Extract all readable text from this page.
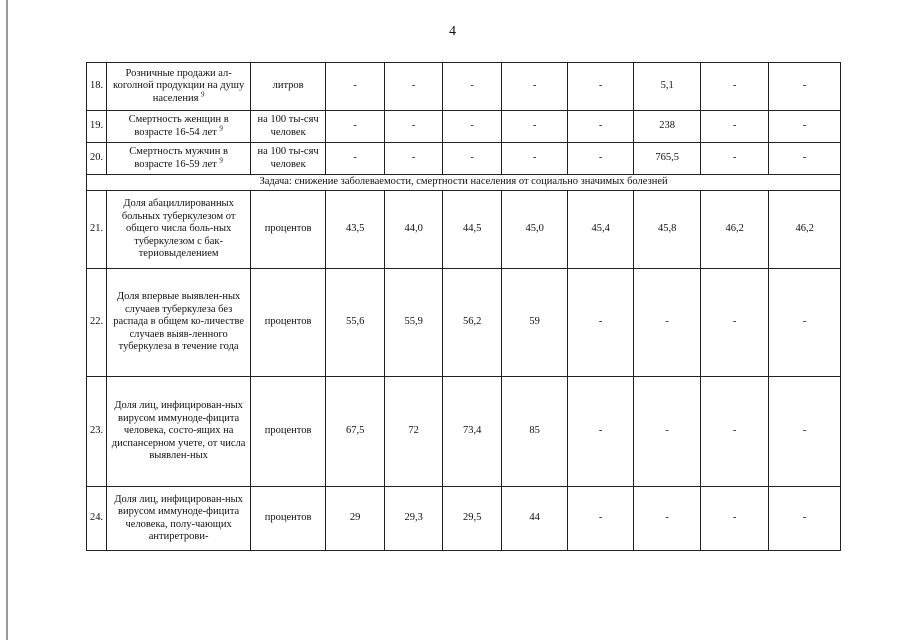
4
18.	Розничные продажи ал-коголной продукции на душу населения $^9$	литров	-	-	-	-	-	5,1	-	-
19.	Смертность женщин в возрасте 16-54 лет $^9$	на 100 ты-сяч человек	-	-	-	-	-	238	-	-
20.	Смертность мужчин в возрасте 16-59 лет $^9$	на 100 ты-сяч человек	-	-	-	-	-	765,5	-	-
Задача: снижение заболеваемости, смертности населения от социально значимых болезней										
21.	Доля абациллированных больных туберкулезом от общего числа боль-ных туберкулезом с бак-териовыделением	процентов	43,5	44,0	44,5	45,0	45,4	45,8	46,2	46,2
22.	Доля впервые выявлен-ных случаев туберкулеза без распада в общем ко-личестве случаев выяв-ленного туберкулеза в течение года	процентов	55,6	55,9	56,2	59	-	-	-	-
23.	Доля лиц, инфицирован-ных вирусом иммуноде-фицита человека, состо-ящих на диспансерном учете, от числа выявлен-ных	процентов	67,5	72	73,4	85	-	-	-	-
24.	Доля лиц, инфицирован-ных вирусом иммуноде-фицита человека, полу-чающих антиретрови-	процентов	29	29,3	29,5	44	-	-	-	-
